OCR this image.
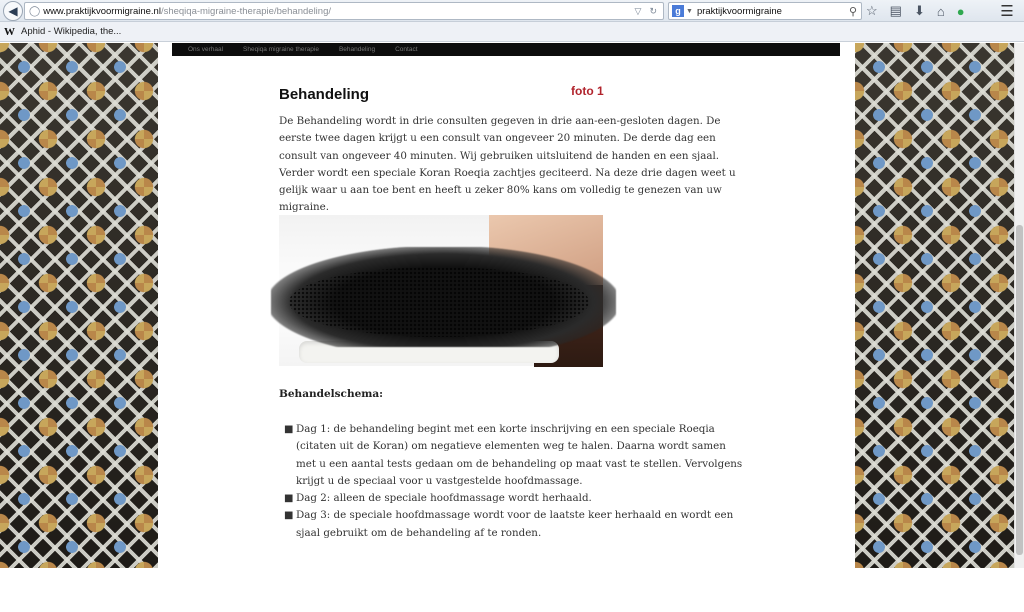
◀	◯ www.praktijkvoormigraine.nl /sheqiqa-migraine-therapie/behandeling/	▽ ↻	g ▼ praktijkvoormigraine	⚲ ☆ ▤ ⬇ ⌂ ● ☰
W Aphid - Wikipedia, the...
Ons verhaal	Sheqiqa migraine therapie	Behandeling	Contact
Behandeling	foto 1

De Behandeling wordt in drie consulten gegeven in drie aan-een-gesloten dagen. De eerste twee dagen krijgt u een consult van ongeveer 20 minuten. De derde dag een consult van ongeveer 40 minuten. Wij gebruiken uitsluitend de handen en een sjaal. Verder wordt een speciale Koran Roeqia zachtjes geciteerd. Na deze drie dagen weet u gelijk waar u aan toe bent en heeft u zeker 80% kans om volledig te genezen van uw migraine.

Behandelschema:
■ Dag 1: de behandeling begint met een korte inschrijving en een speciale Roeqia (citaten uit de Koran) om negatieve elementen weg te halen. Daarna wordt samen met u een aantal tests gedaan om de behandeling op maat vast te stellen. Vervolgens krijgt u de speciaal voor u vastgestelde hoofdmassage.
■ Dag 2: alleen de speciale hoofdmassage wordt herhaald.
■ Dag 3: de speciale hoofdmassage wordt voor de laatste keer herhaald en wordt een sjaal gebruikt om de behandeling af te ronden.
